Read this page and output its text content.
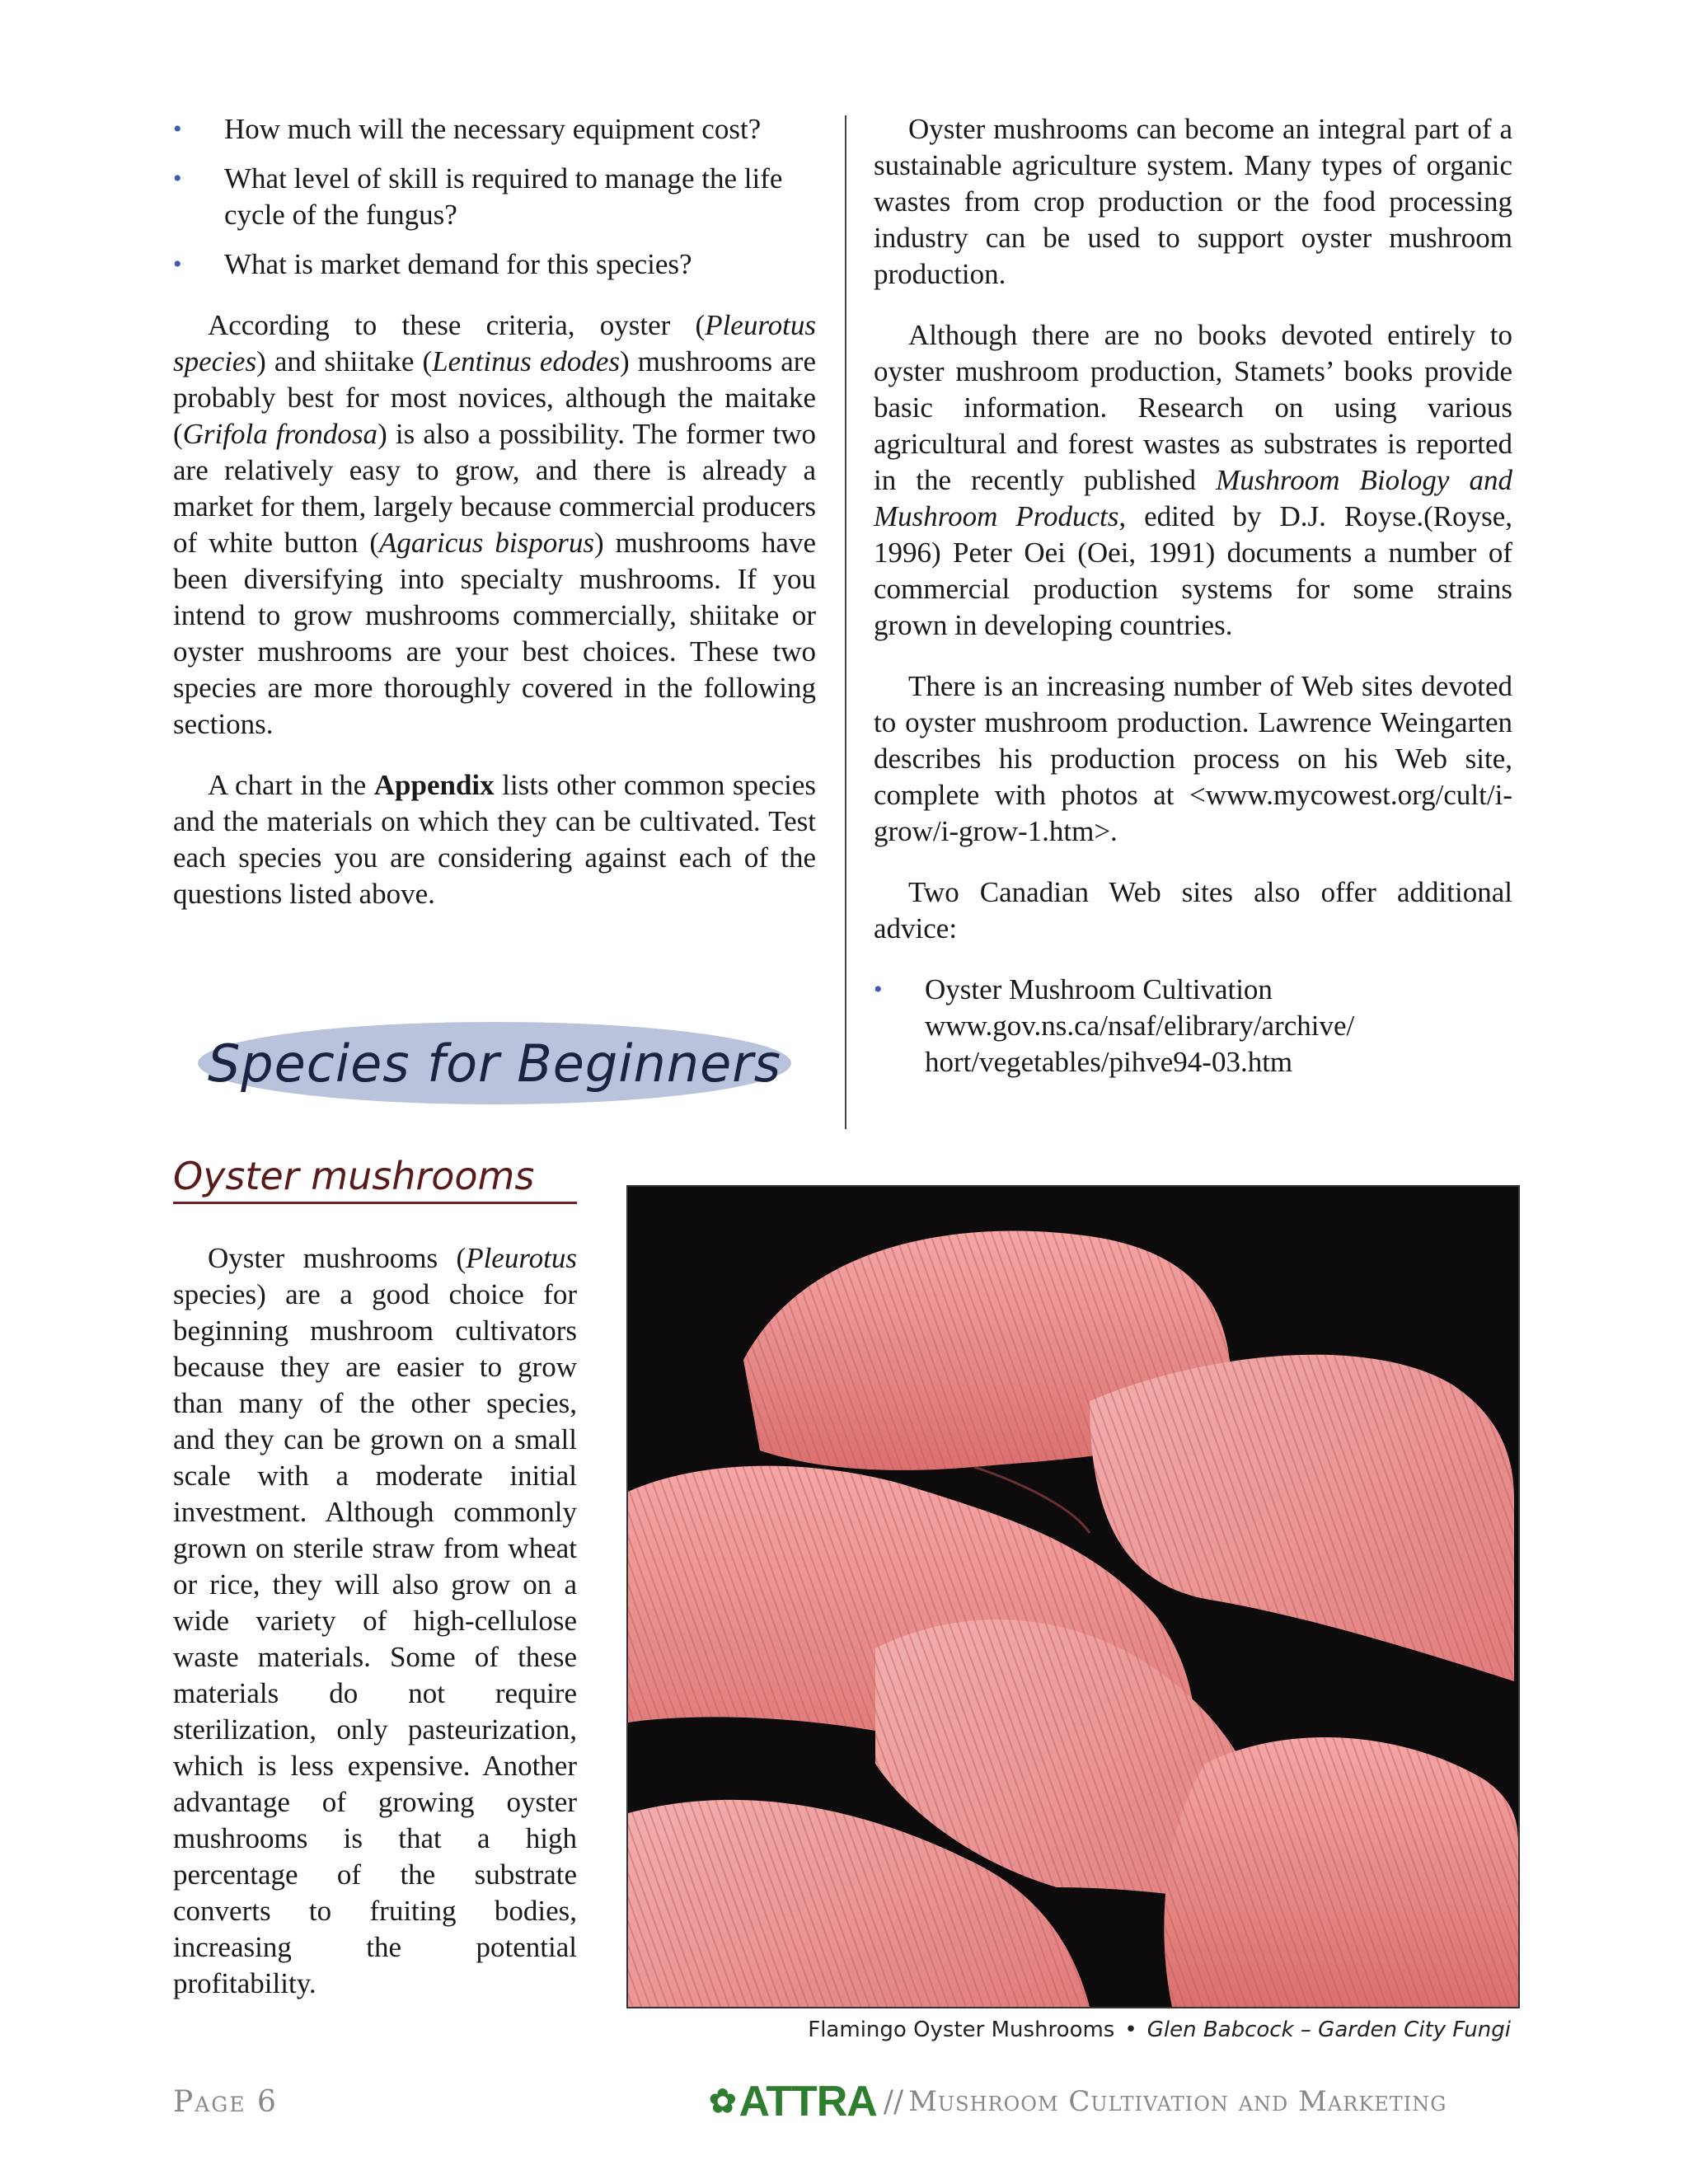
• How much will the necessary equipment cost?
• What level of skill is required to manage the life cycle of the fungus?
• What is market demand for this species?

According to these criteria, oyster (Pleurotus species) and shiitake (Lentinus edodes) mushrooms are probably best for most novices, although the maitake (Grifola frondosa) is also a possibility. The former two are relatively easy to grow, and there is already a market for them, largely because commercial producers of white button (Agaricus bisporus) mushrooms have been diversifying into specialty mushrooms. If you intend to grow mushrooms commercially, shiitake or oyster mushrooms are your best choices. These two species are more thoroughly covered in the following sections.

A chart in the Appendix lists other common species and the materials on which they can be cultivated. Test each species you are considering against each of the questions listed above.

Oyster mushrooms can become an integral part of a sustainable agriculture system. Many types of organic wastes from crop production or the food processing industry can be used to support oyster mushroom production.

Although there are no books devoted entirely to oyster mushroom production, Stamets’ books provide basic information. Research on using various agricultural and forest wastes as substrates is reported in the recently published Mushroom Biology and Mushroom Products, edited by D.J. Royse.(Royse, 1996) Peter Oei (Oei, 1991) documents a number of commercial production systems for some strains grown in developing countries.

There is an increasing number of Web sites devoted to oyster mushroom production. Lawrence Weingarten describes his production process on his Web site, complete with photos at <www.mycowest.org/cult/i-grow/i-grow-1.htm>.

Two Canadian Web sites also offer additional advice:

• Oyster Mushroom Cultivation
www.gov.ns.ca/nsaf/elibrary/archive/
hort/vegetables/pihve94-03.htm
Species for Beginners
Oyster mushrooms

Oyster mushrooms (Pleurotus species) are a good choice for beginning mushroom cultivators because they are easier to grow than many of the other species, and they can be grown on a small scale with a moderate initial investment. Although commonly grown on sterile straw from wheat or rice, they will also grow on a wide variety of high-cellulose waste materials. Some of these materials do not require sterilization, only pasteurization, which is less expensive. Another advantage of growing oyster mushrooms is that a high percentage of the substrate converts to fruiting bodies, increasing the potential profitability.

Flamingo Oyster Mushrooms • Glen Babcock – Garden City Fungi
Page 6	✿ ATTRA // Mushroom Cultivation and Marketing
